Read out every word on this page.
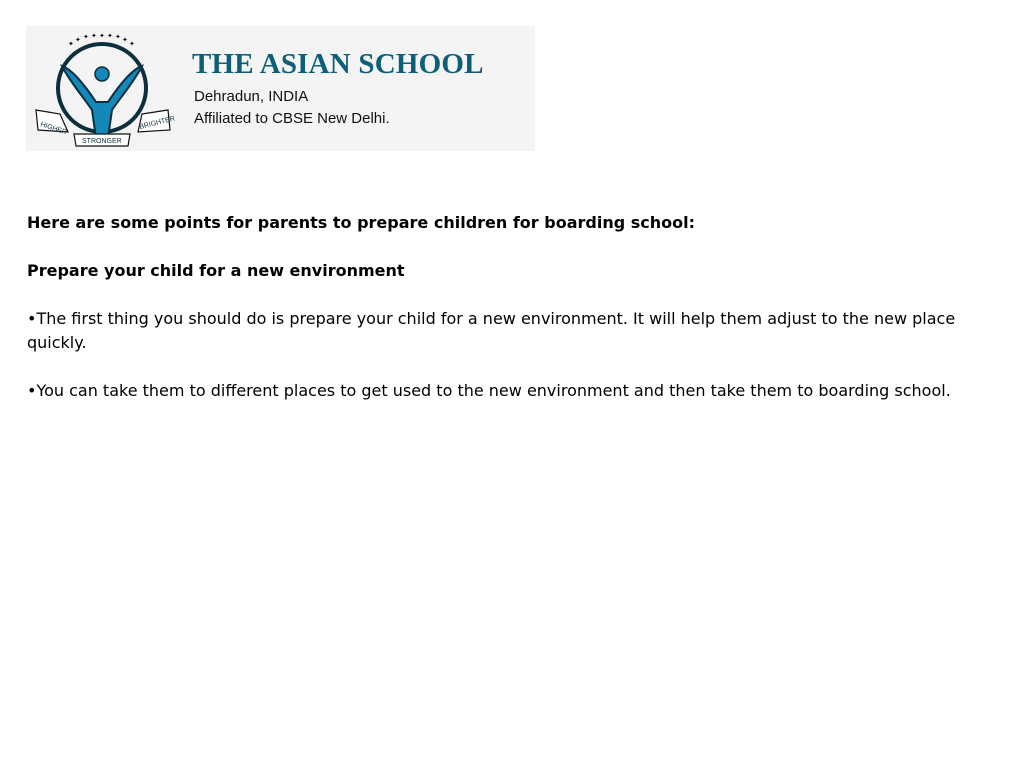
✦ ✦ ✦ ✦ ✦ ✦ ✦ ✦ ✦
HIGHER
STRONGER
BRIGHTER
THE ASIAN SCHOOL
Dehradun, INDIA
Affiliated to CBSE New Delhi.

Here are some points for parents to prepare children for boarding school:

Prepare your child for a new environment

•The first thing you should do is prepare your child for a new environment. It will help them adjust to the new place quickly.

•You can take them to different places to get used to the new environment and then take them to boarding school.
